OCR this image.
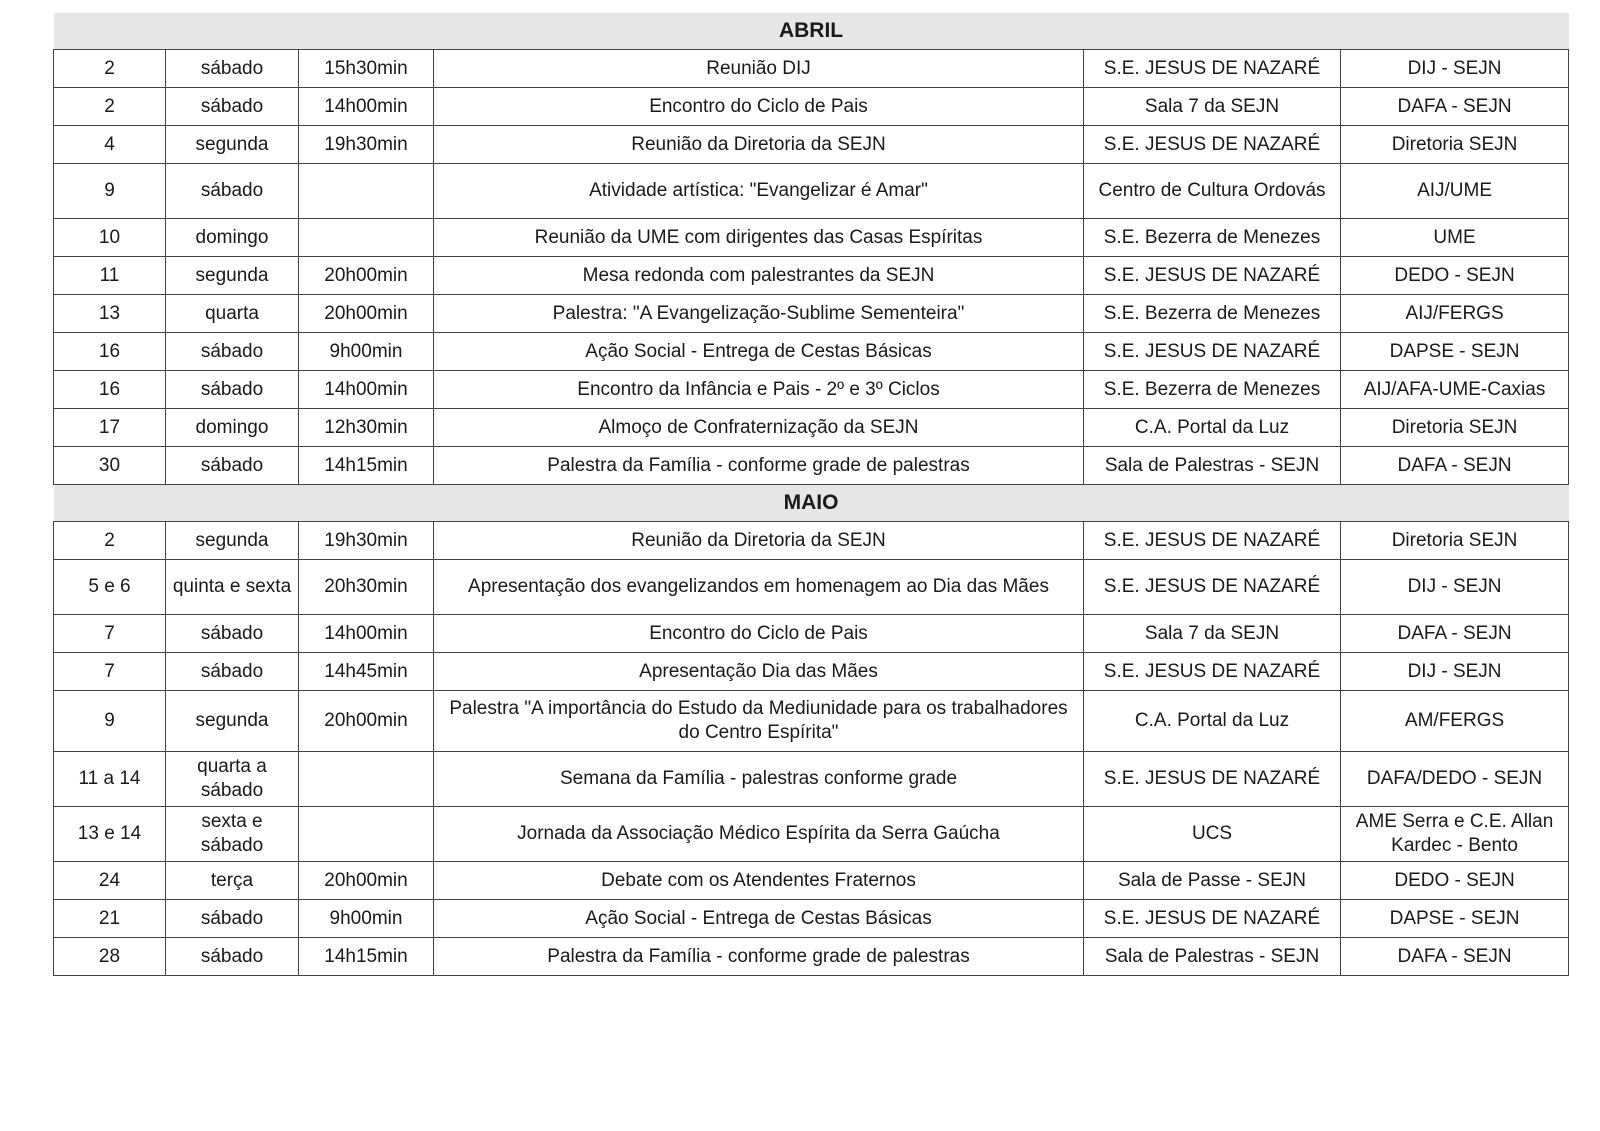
ABRIL					
2	sábado	15h30min	Reunião DIJ	S.E. JESUS DE NAZARÉ	DIJ - SEJN
2	sábado	14h00min	Encontro do Ciclo de Pais	Sala 7 da SEJN	DAFA - SEJN
4	segunda	19h30min	Reunião da Diretoria da SEJN	S.E. JESUS DE NAZARÉ	Diretoria SEJN
9	sábado		Atividade artística: "Evangelizar é Amar"	Centro de Cultura Ordovás	AIJ/UME
10	domingo		Reunião da UME com dirigentes das Casas Espíritas	S.E. Bezerra de Menezes	UME
11	segunda	20h00min	Mesa redonda com palestrantes da SEJN	S.E. JESUS DE NAZARÉ	DEDO - SEJN
13	quarta	20h00min	Palestra: "A Evangelização-Sublime Sementeira"	S.E. Bezerra de Menezes	AIJ/FERGS
16	sábado	9h00min	Ação Social - Entrega de Cestas Básicas	S.E. JESUS DE NAZARÉ	DAPSE - SEJN
16	sábado	14h00min	Encontro da Infância e Pais - 2º e 3º Ciclos	S.E. Bezerra de Menezes	AIJ/AFA-UME-Caxias
17	domingo	12h30min	Almoço de Confraternização da SEJN	C.A. Portal da Luz	Diretoria SEJN
30	sábado	14h15min	Palestra da Família - conforme grade de palestras	Sala de Palestras - SEJN	DAFA - SEJN
MAIO					
2	segunda	19h30min	Reunião da Diretoria da SEJN	S.E. JESUS DE NAZARÉ	Diretoria SEJN
5 e 6	quinta e sexta	20h30min	Apresentação dos evangelizandos em homenagem ao Dia das Mães	S.E. JESUS DE NAZARÉ	DIJ - SEJN
7	sábado	14h00min	Encontro do Ciclo de Pais	Sala 7 da SEJN	DAFA - SEJN
7	sábado	14h45min	Apresentação Dia das Mães	S.E. JESUS DE NAZARÉ	DIJ - SEJN
9	segunda	20h00min	Palestra "A importância do Estudo da Mediunidade para os trabalhadores do Centro Espírita"	C.A. Portal da Luz	AM/FERGS
11 a 14	quarta a sábado		Semana da Família - palestras conforme grade	S.E. JESUS DE NAZARÉ	DAFA/DEDO - SEJN
13 e 14	sexta e sábado		Jornada da Associação Médico Espírita da Serra Gaúcha	UCS	AME Serra e C.E. Allan Kardec - Bento
24	terça	20h00min	Debate com os Atendentes Fraternos	Sala de Passe - SEJN	DEDO - SEJN
21	sábado	9h00min	Ação Social - Entrega de Cestas Básicas	S.E. JESUS DE NAZARÉ	DAPSE - SEJN
28	sábado	14h15min	Palestra da Família - conforme grade de palestras	Sala de Palestras - SEJN	DAFA - SEJN
